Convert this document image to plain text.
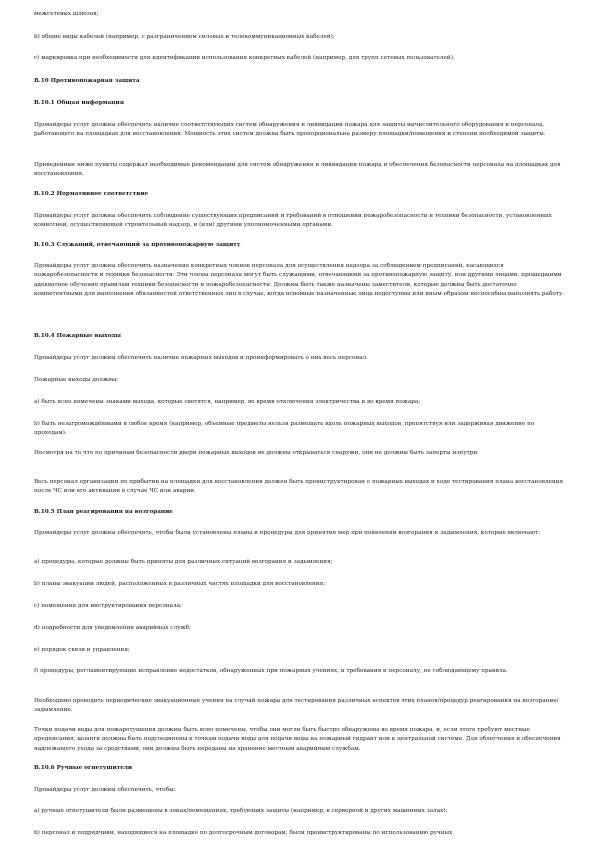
межсетевых шлюзов;

b) общие виды кабелей (например, с разграничением силовых и телекоммуникационных кабелей);

c) маркировка при необходимости для идентификации использования конкретных кабелей (например, для групп сетевых пользователей).

B.10 Противопожарная защита

B.10.1 Общая информация

Провайдеры услуг должны обеспечить наличие соответствующих систем обнаружения и ликвидации пожара для защиты вычислительного оборудования и персонала, работающего на площадках для восстановления. Мощность этих систем должна быть пропорциональна размеру площадки/помещения и степени необходимой защиты.

Приведенные ниже пункты содержат необходимые рекомендации для систем обнаружения и ликвидации пожара и обеспечения безопасности персонала на площадках для восстановления.

B.10.2 Нормативное соответствие

Провайдеры услуг должны обеспечить соблюдение существующих предписаний и требований в отношении пожаробезопасности и техники безопасности, установленных комиссией, осуществляющей строительный надзор, и (или) другими уполномоченными органами.

B.10.3 Служащий, отвечающий за противопожарную защиту

Провайдеры услуг должны обеспечить назначение конкретных членов персонала для осуществления надзора за соблюдением предписаний, касающихся пожаробезопасности и техники безопасности. Эти члены персонала могут быть служащими, отвечающими за противопожарную защиту, или другими лицами, прошедшими адекватное обучение правилам техники безопасности и пожаробезопасности. Должны быть также назначены заместители, которые должны быть достаточно компетентными для выполнения обязанностей ответственных лиц в случае, когда основные назначенные лица недоступны или иным образом неспособны выполнять работу.

B.10.4 Пожарные выходы

Провайдеры услуг должны обеспечить наличие пожарных выходов и проинформировать о них весь персонал.

Пожарные выходы должны:

a) быть ясно помечены знаками выхода, которые светятся, например, во время отключения электричества и во время пожара;

b) быть незагромождёнными в любое время (например, объемные предметы нельзя размещать вдоль пожарных выходов, препятствуя или задерживая движение по проходам).

Несмотря на то что по причинам безопасности двери пожарных выходов не должны открываться снаружи, они не должны быть заперты изнутри.

Весь персонал организации по прибытии на площадки для восстановления должен быть проинструктирован о пожарных выходах и ходе тестирования плана восстановления после ЧС или его активации в случае ЧС или аварии.

B.10.5 План реагирования на возгорание

Провайдеры услуг должны обеспечить, чтобы были установлены планы и процедуры для принятия мер при появлении возгорания и задымления, которые включают:

a) процедуры, которые должны быть приняты для различных ситуаций возгорания и задымления;

b) планы эвакуации людей, расположенных в различных частях площадки для восстановления;

c) помещения для инструктирования персонала;

d) подробности для уведомления аварийных служб;

e) порядок связи и управления;

f) процедуры, регламентирующие исправление недостатков, обнаруженных при пожарных учениях, и требования к персоналу, не соблюдающему правила.

Необходимо проводить периодические эвакуационные учения на случай пожара для тестирования различных аспектов этих планов/процедур реагирования на возгорание/задымление.

Точки подачи воды для пожаротушения должны быть ясно помечены, чтобы они могли быть быстро обнаружены во время пожара, и, если этого требуют местные предписания, шланги должны быть подсоединены к точкам подачи воды для подачи воды на пожарный гидрант или к центральной системе. Для облегчения и обеспечения надлежащего ухода за средствами, они должны быть переданы на хранение местным аварийным службам.

B.10.6 Ручные огнетушители

Провайдеры услуг должны обеспечить, чтобы:

a) ручные огнетушители были размещены в зонах/помещениях, требующих защиты (например, в серверной и других машинных залах);

b) персонал и подрядчики, находящиеся на площадке по долгосрочным договорам, были проинструктированы по использованию ручных
